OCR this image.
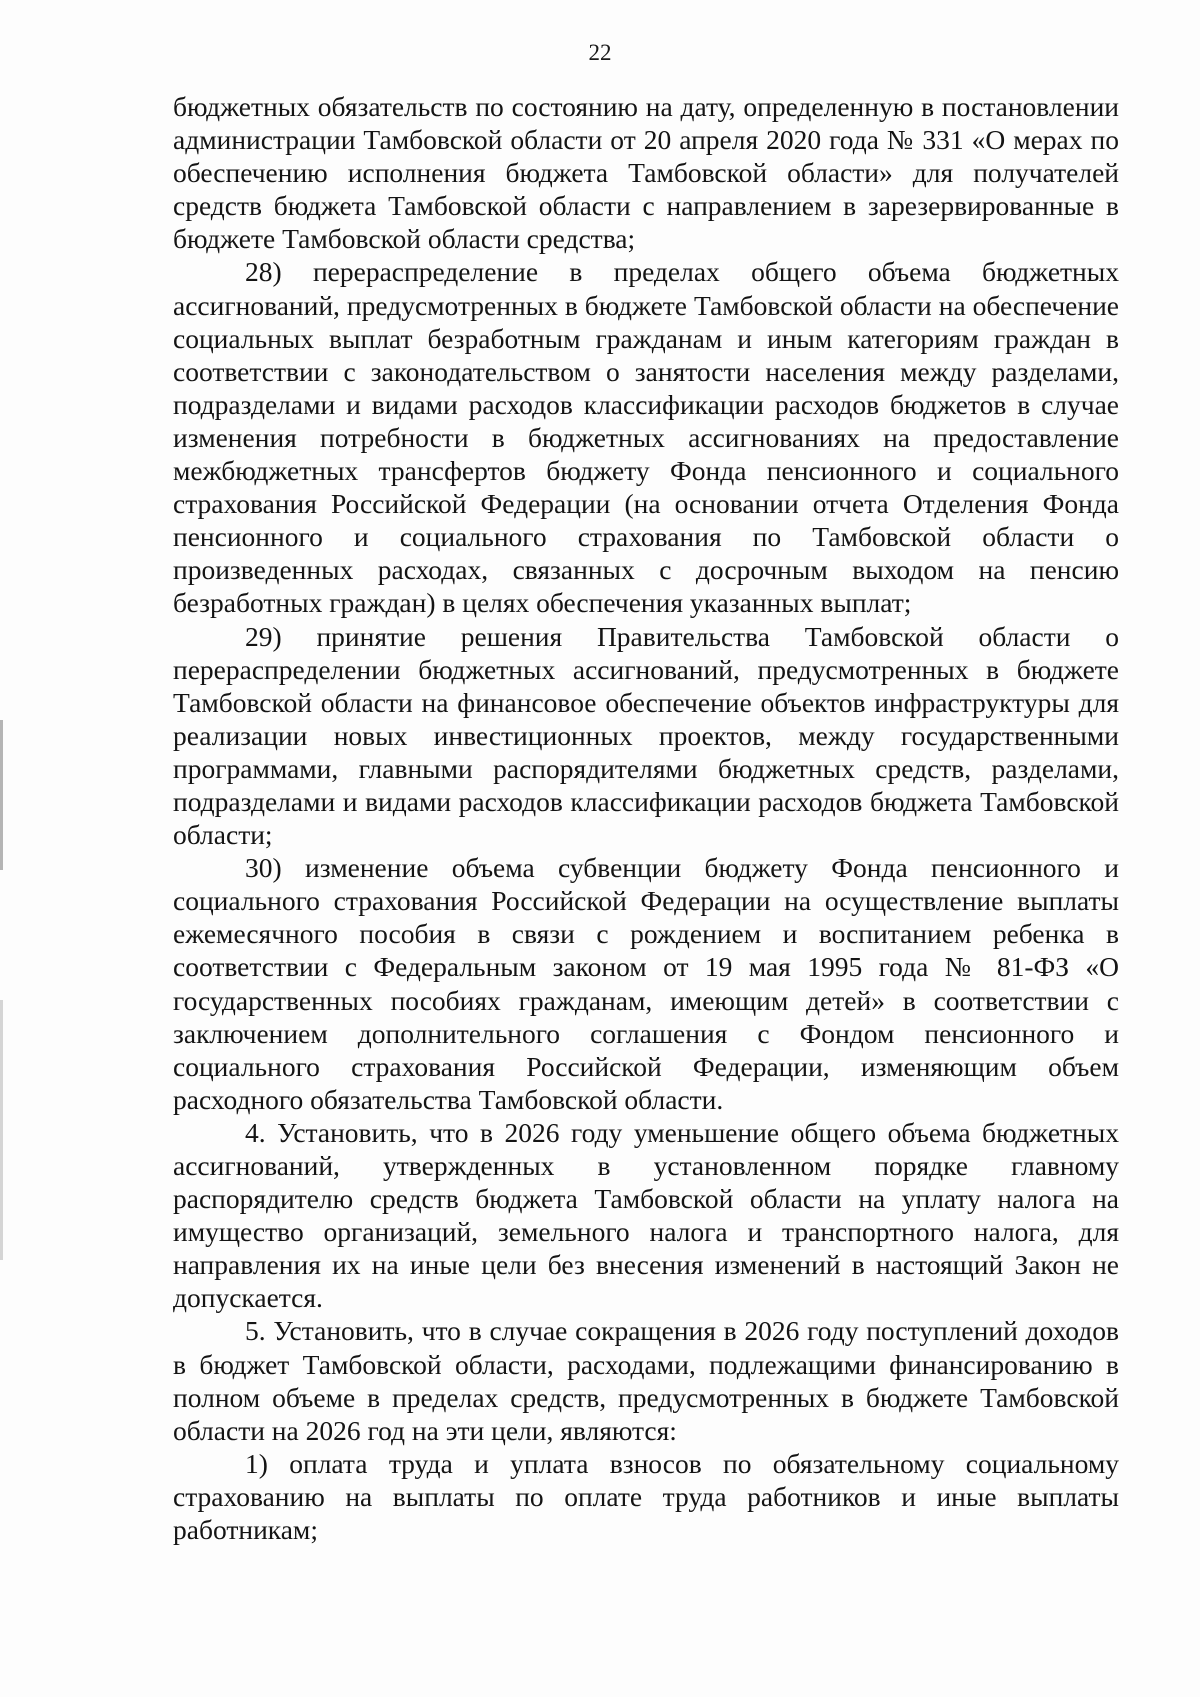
22

бюджетных обязательств по состоянию на дату, определенную в постановлении администрации Тамбовской области от 20 апреля 2020 года № 331 «О мерах по обеспечению исполнения бюджета Тамбовской области» для получателей средств бюджета Тамбовской области с направлением в зарезервированные в бюджете Тамбовской области средства;

28) перераспределение в пределах общего объема бюджетных ассигнований, предусмотренных в бюджете Тамбовской области на обеспечение социальных выплат безработным гражданам и иным категориям граждан в соответствии с законодательством о занятости населения между разделами, подразделами и видами расходов классификации расходов бюджетов в случае изменения потребности в бюджетных ассигнованиях на предоставление межбюджетных трансфертов бюджету Фонда пенсионного и социального страхования Российской Федерации (на основании отчета Отделения Фонда пенсионного и социального страхования по Тамбовской области о произведенных расходах, связанных с досрочным выходом на пенсию безработных граждан) в целях обеспечения указанных выплат;

29) принятие решения Правительства Тамбовской области о перераспределении бюджетных ассигнований, предусмотренных в бюджете Тамбовской области на финансовое обеспечение объектов инфраструктуры для реализации новых инвестиционных проектов, между государственными программами, главными распорядителями бюджетных средств, разделами, подразделами и видами расходов классификации расходов бюджета Тамбовской области;

30) изменение объема субвенции бюджету Фонда пенсионного и социального страхования Российской Федерации на осуществление выплаты ежемесячного пособия в связи с рождением и воспитанием ребенка в соответствии с Федеральным законом от 19 мая 1995 года № 81-ФЗ «О государственных пособиях гражданам, имеющим детей» в соответствии с заключением дополнительного соглашения с Фондом пенсионного и социального страхования Российской Федерации, изменяющим объем расходного обязательства Тамбовской области.

4. Установить, что в 2026 году уменьшение общего объема бюджетных ассигнований, утвержденных в установленном порядке главному распорядителю средств бюджета Тамбовской области на уплату налога на имущество организаций, земельного налога и транспортного налога, для направления их на иные цели без внесения изменений в настоящий Закон не допускается.

5. Установить, что в случае сокращения в 2026 году поступлений доходов в бюджет Тамбовской области, расходами, подлежащими финансированию в полном объеме в пределах средств, предусмотренных в бюджете Тамбовской области на 2026 год на эти цели, являются:

1) оплата труда и уплата взносов по обязательному социальному страхованию на выплаты по оплате труда работников и иные выплаты работникам;
